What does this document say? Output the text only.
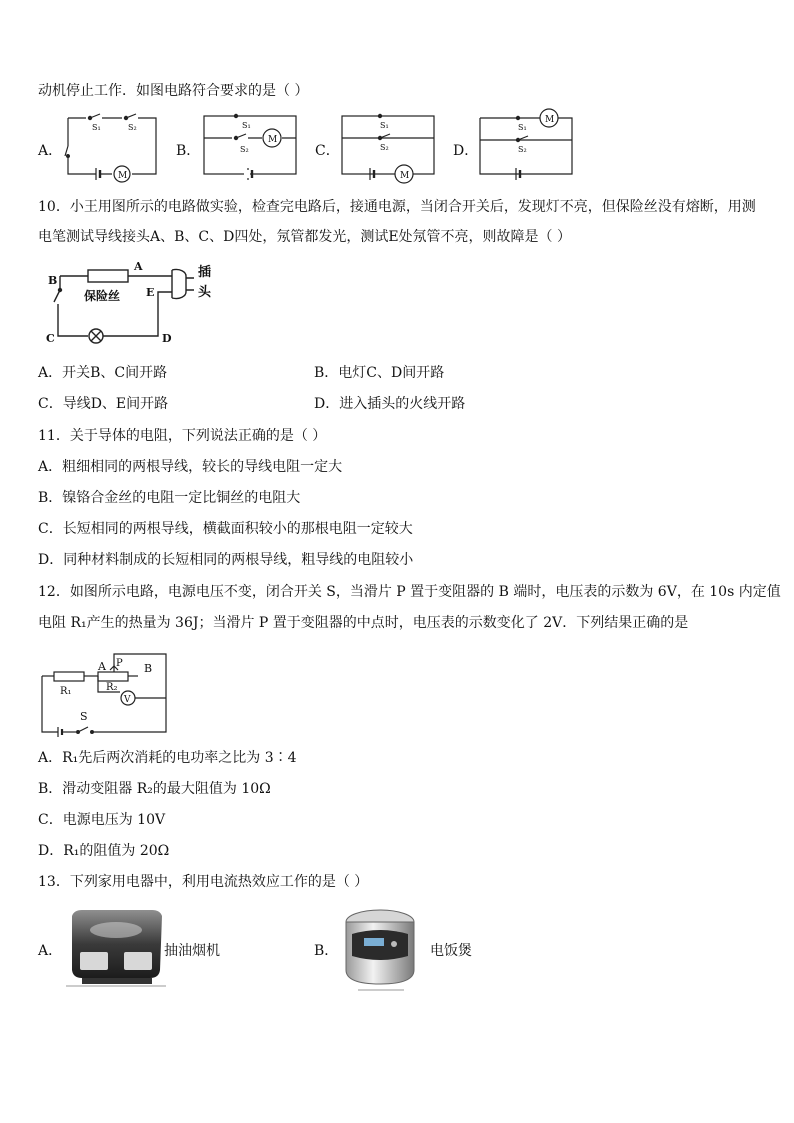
动机停止工作．如图电路符合要求的是（ ）
A．	B．	C．	D．
S₁	S₂
M
S₁
S₂
M
S₁
S₂
M
S₁
S₂
M
10．小王用图所示的电路做实验，检查完电路后，接通电源，当闭合开关后，发现灯不亮，但保险丝没有熔断，用测
电笔测试导线接头A、B、C、D四处，氖管都发光，测试E处氖管不亮，则故障是（ ）
A
B
C	D
E
保险丝
插
头
A．开关B、C间开路	B．电灯C、D间开路
C．导线D、E间开路	D．进入插头的火线开路
11．关于导体的电阻，下列说法正确的是（ ）
A．粗细相同的两根导线，较长的导线电阻一定大
B．镍铬合金丝的电阻一定比铜丝的电阻大
C．长短相同的两根导线，横截面积较小的那根电阻一定较大
D．同种材料制成的长短相同的两根导线，粗导线的电阻较小
12．如图所示电路，电源电压不变，闭合开关 S，当滑片 P 置于变阻器的 B 端时，电压表的示数为 6V，在 10s 内定值
电阻 R₁产生的热量为 36J；当滑片 P 置于变阻器的中点时，电压表的示数变化了 2V．下列结果正确的是
A P B
R₁	R₂
V
S
A．R₁先后两次消耗的电功率之比为 3∶4
B．滑动变阻器 R₂的最大阻值为 10Ω
C．电源电压为 10V
D．R₁的阻值为 20Ω
13．下列家用电器中，利用电流热效应工作的是（ ）
A．	抽油烟机	B．	电饭煲
